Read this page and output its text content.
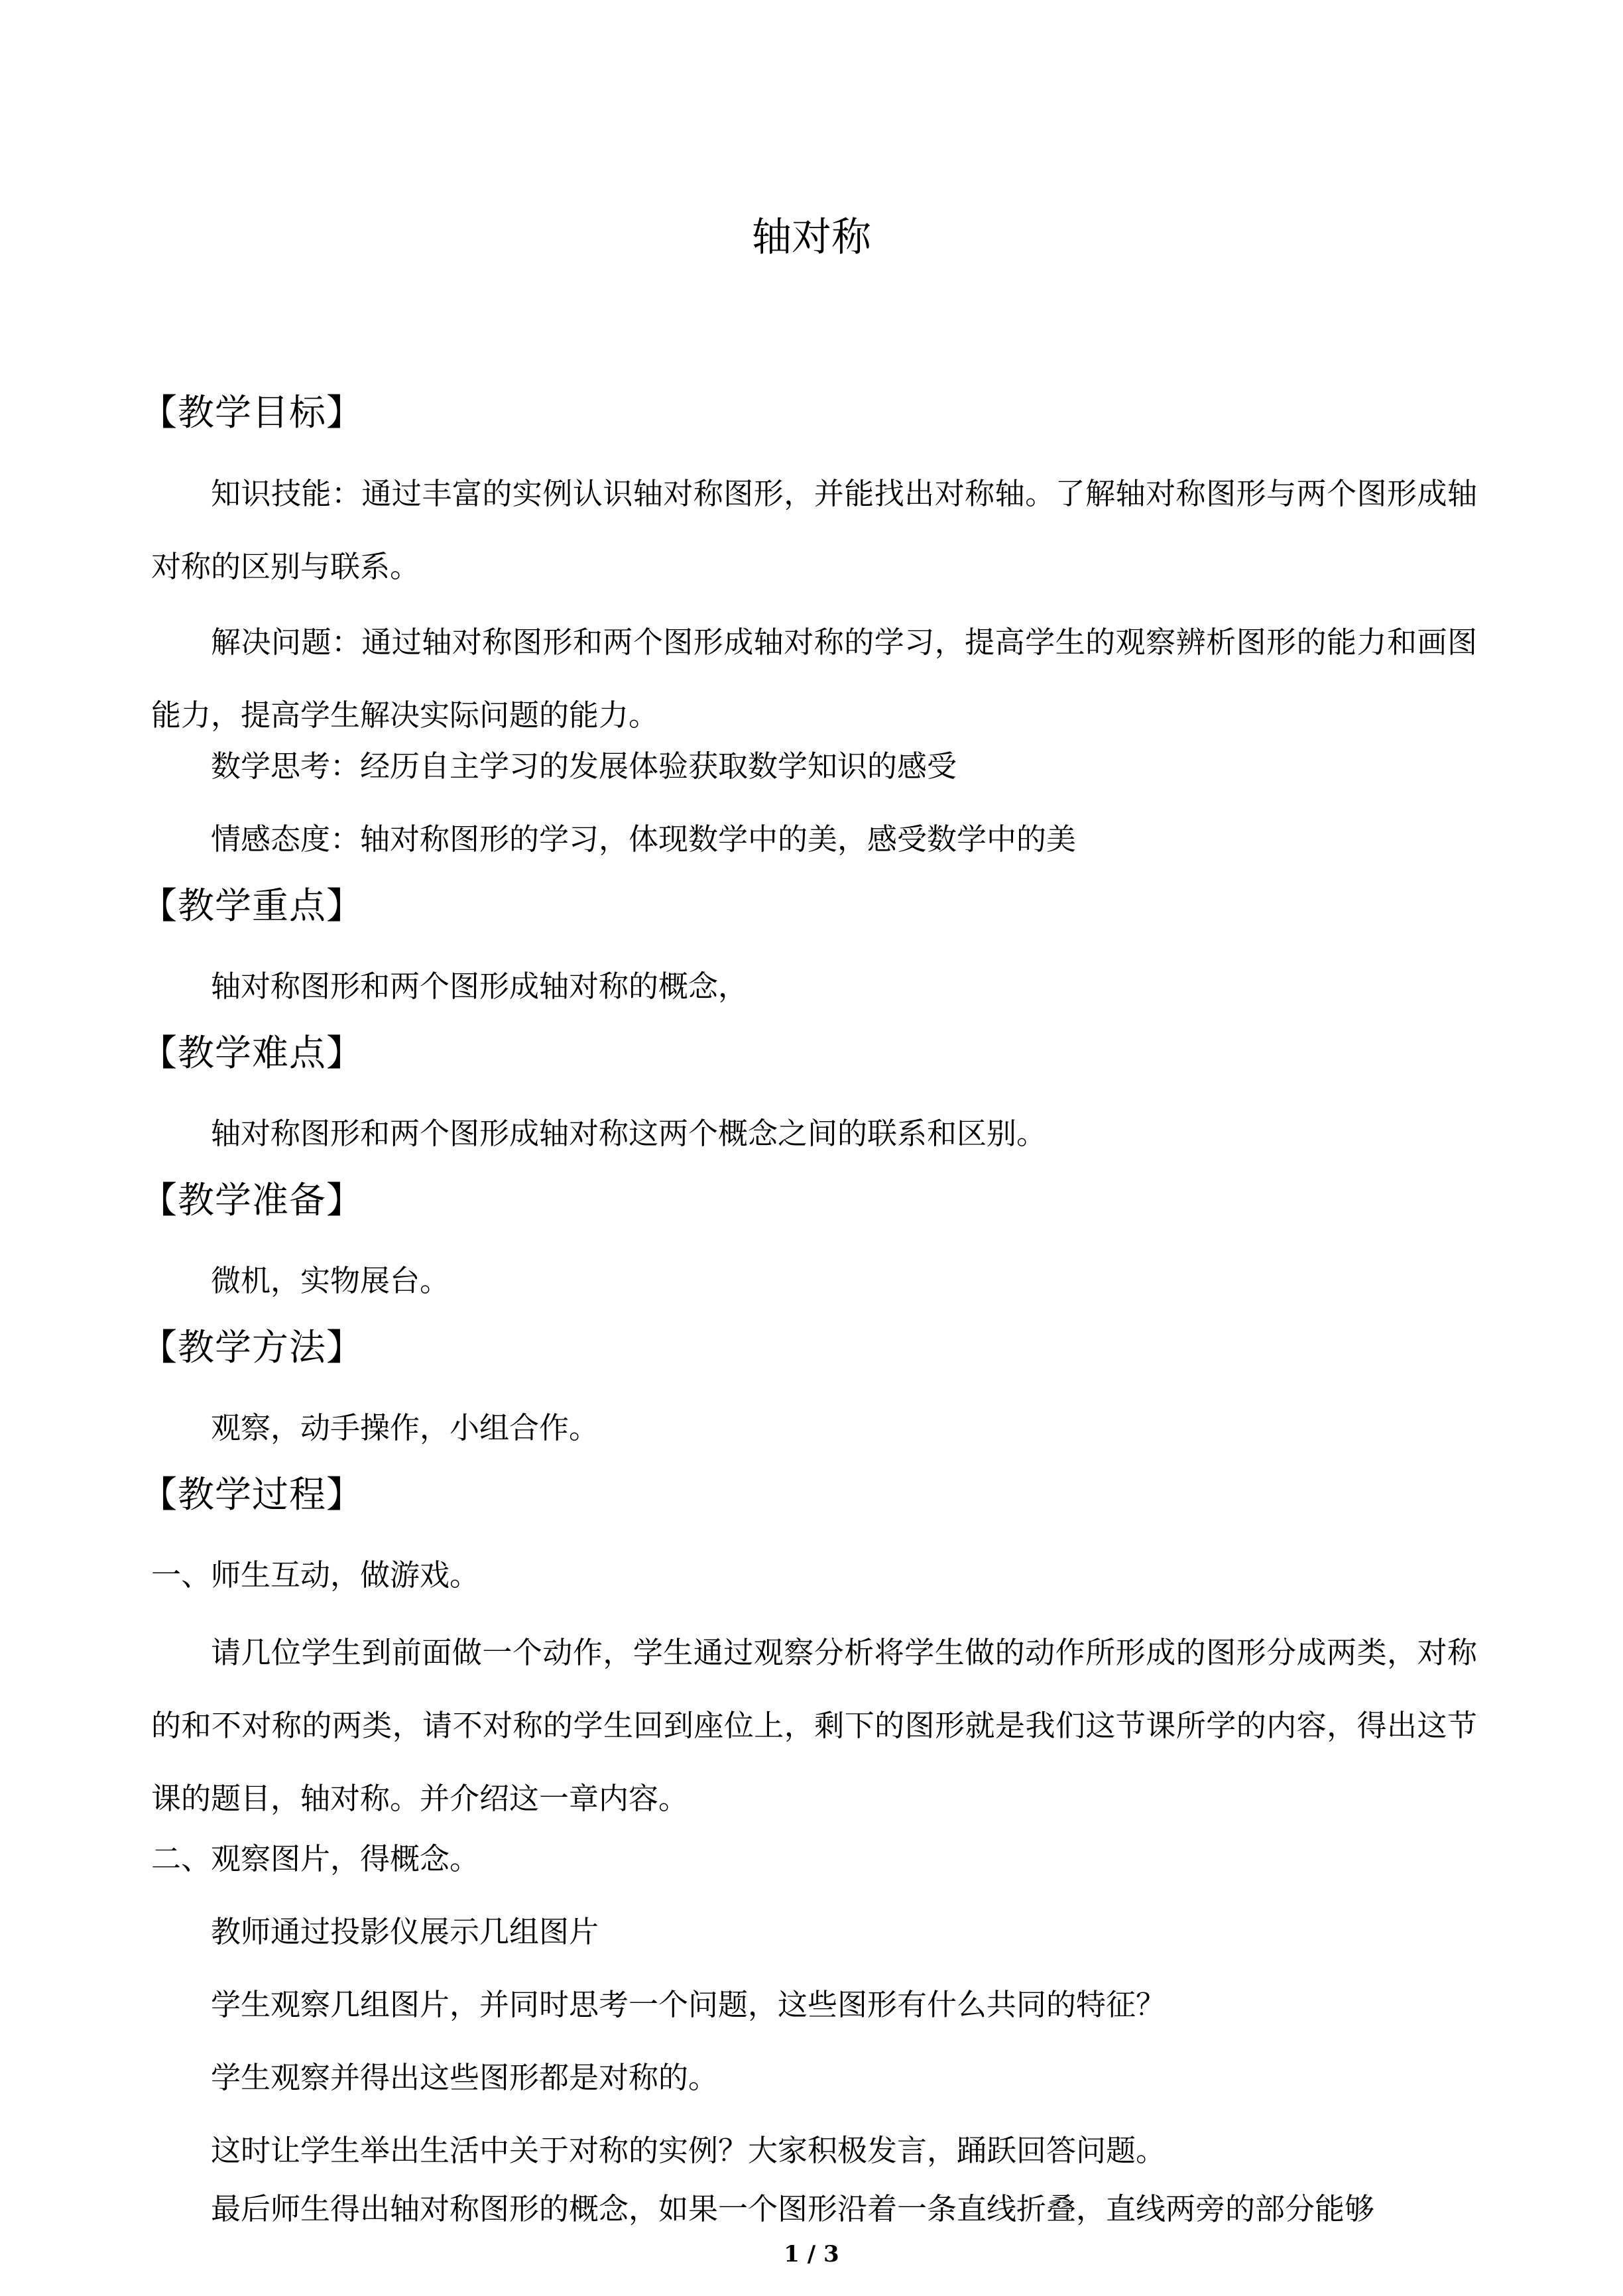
轴对称
【教学目标】
知识技能：通过丰富的实例认识轴对称图形，并能找出对称轴。了解轴对称图形与两个图形成轴对称的区别与联系。
解决问题：通过轴对称图形和两个图形成轴对称的学习，提高学生的观察辨析图形的能力和画图能力，提高学生解决实际问题的能力。
数学思考：经历自主学习的发展体验获取数学知识的感受
情感态度：轴对称图形的学习，体现数学中的美，感受数学中的美
【教学重点】
轴对称图形和两个图形成轴对称的概念，
【教学难点】
轴对称图形和两个图形成轴对称这两个概念之间的联系和区别。
【教学准备】
微机，实物展台。
【教学方法】
观察，动手操作，小组合作。
【教学过程】
一、师生互动，做游戏。
请几位学生到前面做一个动作，学生通过观察分析将学生做的动作所形成的图形分成两类，对称的和不对称的两类，请不对称的学生回到座位上，剩下的图形就是我们这节课所学的内容，得出这节课的题目，轴对称。并介绍这一章内容。
二、观察图片，得概念。
教师通过投影仪展示几组图片
学生观察几组图片，并同时思考一个问题，这些图形有什么共同的特征？
学生观察并得出这些图形都是对称的。
这时让学生举出生活中关于对称的实例？大家积极发言，踊跃回答问题。
最后师生得出轴对称图形的概念，如果一个图形沿着一条直线折叠，直线两旁的部分能够
1 / 3
